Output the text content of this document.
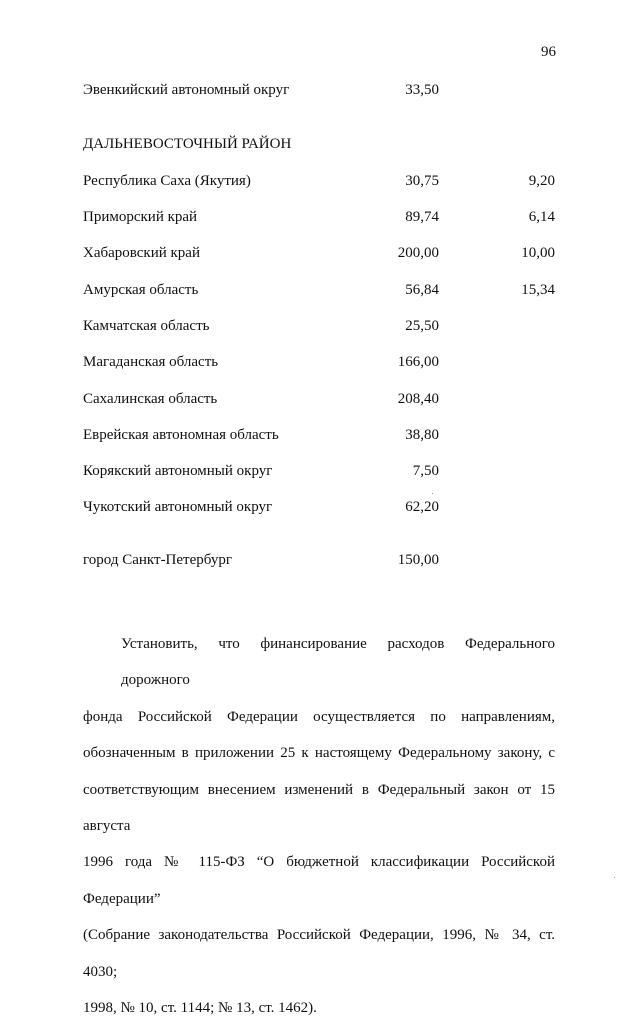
96
Эвенкийский автономный округ	33,50
ДАЛЬНЕВОСТОЧНЫЙ РАЙОН
Республика Саха (Якутия)	30,75	9,20
Приморский край	89,74	6,14
Хабаровский край	200,00	10,00
Амурская область	56,84	15,34
Камчатская область	25,50
Магаданская область	166,00
Сахалинская область	208,40
Еврейская автономная область	38,80
Корякский автономный округ	7,50
Чукотский автономный округ	62,20
город Санкт-Петербург	150,00
Установить, что финансирование расходов Федерального дорожного
фонда Российской Федерации осуществляется по направлениям,
обозначенным в приложении 25 к настоящему Федеральному закону, с
соответствующим внесением изменений в Федеральный закон от 15 августа
1996 года № 115-ФЗ “О бюджетной классификации Российской Федерации”
(Собрание законодательства Российской Федерации, 1996, № 34, ст. 4030;
1998, № 10, ст. 1144; № 13, ст. 1462).
